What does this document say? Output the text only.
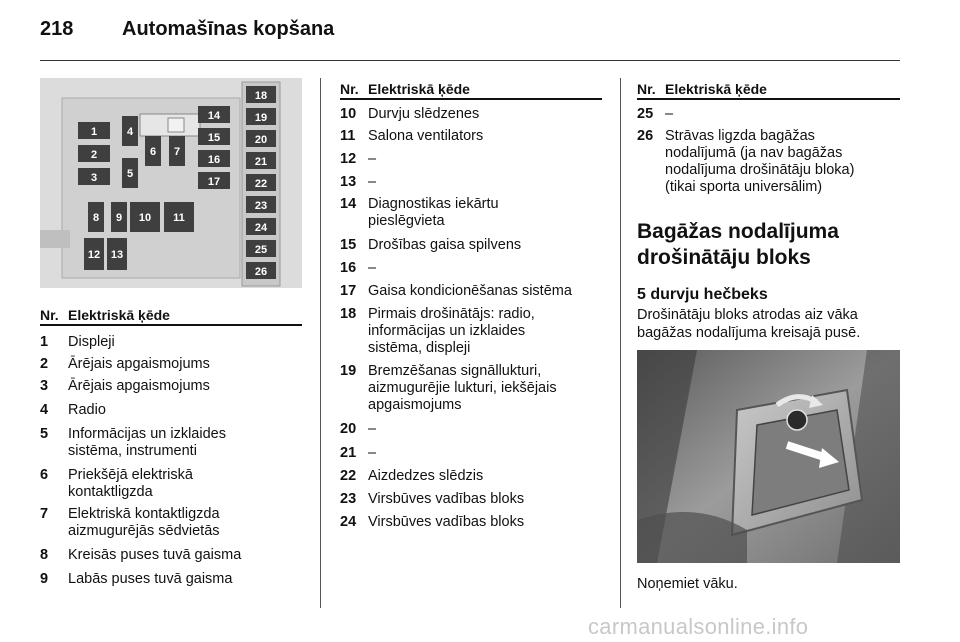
218 Automašīnas kopšana
1
2
3
4
5
6 7
8 9 10 11
12 13
14
15
16
17
18
19
20
21
22
23
24
25
26
Nr. Elektriskā ķēde
1 Displeji
2 Ārējais apgaismojums
3 Ārējais apgaismojums
4 Radio
5 Informācijas un izklaides
sistēma, instrumenti
6 Priekšējā elektriskā
kontaktligzda
7 Elektriskā kontaktligzda
aizmugurējās sēdvietās
8 Kreisās puses tuvā gaisma
9 Labās puses tuvā gaisma
Nr. Elektriskā ķēde
10 Durvju slēdzenes
11 Salona ventilators
12 –
13 –
14 Diagnostikas iekārtu
pieslēgvieta
15 Drošības gaisa spilvens
16 –
17 Gaisa kondicionēšanas sistēma
18 Pirmais drošinātājs: radio,
informācijas un izklaides
sistēma, displeji
19 Bremzēšanas signāllukturi,
aizmugurējie lukturi, iekšējais
apgaismojums
20 –
21 –
22 Aizdedzes slēdzis
23 Virsbūves vadības bloks
24 Virsbūves vadības bloks
Nr. Elektriskā ķēde
25 –
26 Strāvas ligzda bagāžas
nodalījumā (ja nav bagāžas
nodalījuma drošinātāju bloka)
(tikai sporta universālim)
Bagāžas nodalījuma
drošinātāju bloks
5 durvju hečbeks
Drošinātāju bloks atrodas aiz vāka
bagāžas nodalījuma kreisajā pusē.
Noņemiet vāku.
carmanualsonline.info
